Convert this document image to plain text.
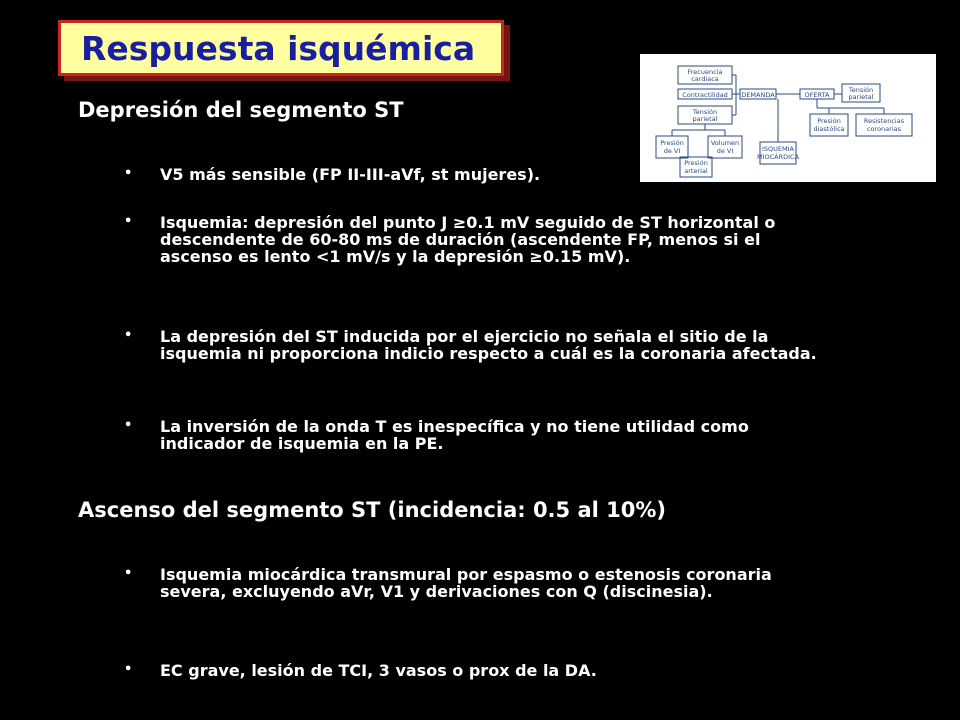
Respuesta isquémica
Frecuencia
cardiaca
Contractilidad
Tensión
parietal
Presión
de VI
Volumen
de VI
Presión
arterial
DEMANDA	OFERTA
Tensión
parietal
Presión
diastólica
Resistencias
coronarias
ISQUEMIA
MIOCÁRDICA
Depresión del segmento ST
• V5 más sensible (FP II-III-aVf, st mujeres).
• Isquemia: depresión del punto J ≥0.1 mV seguido de ST horizontal o descendente de 60-80 ms de duración (ascendente FP, menos si el ascenso es lento <1 mV/s y la depresión ≥0.15 mV).
• La depresión del ST inducida por el ejercicio no señala el sitio de la isquemia ni proporciona indicio respecto a cuál es la coronaria afectada.
• La inversión de la onda T es inespecífica y no tiene utilidad como indicador de isquemia en la PE.
Ascenso del segmento ST (incidencia: 0.5 al 10%)
• Isquemia miocárdica transmural por espasmo o estenosis coronaria severa, excluyendo aVr, V1 y derivaciones con Q (discinesia).
• EC grave, lesión de TCI, 3 vasos o prox de la DA.
